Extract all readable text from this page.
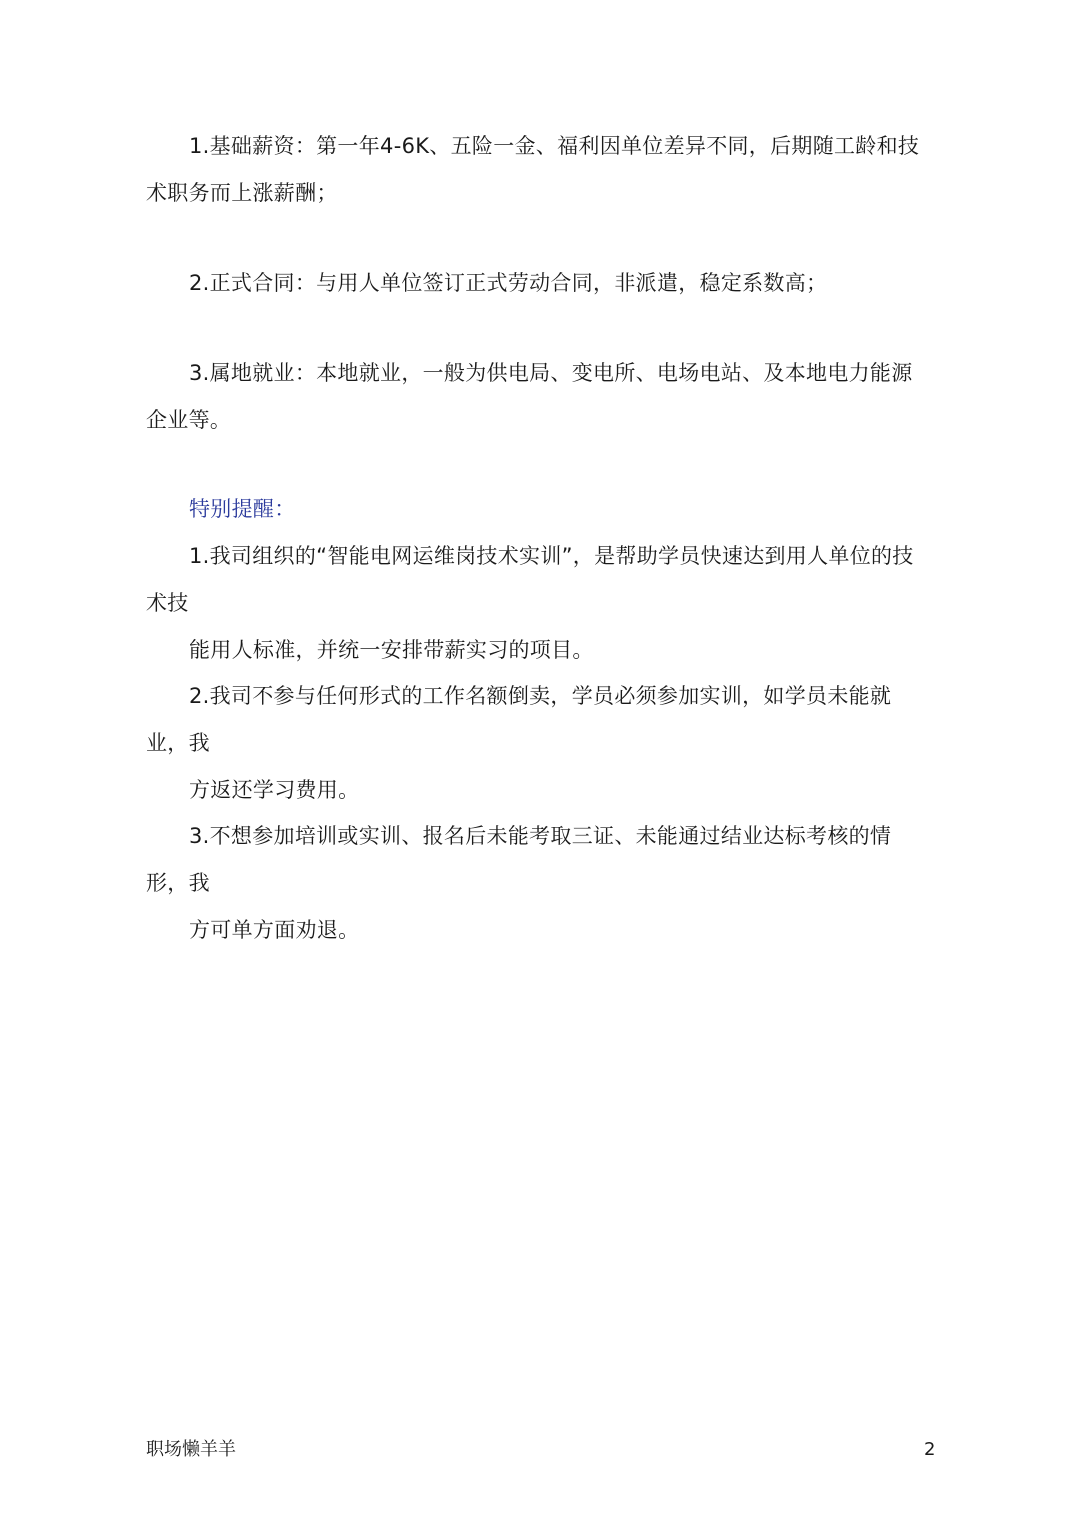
1.基础薪资：第一年4-6K、五险一金、福利因单位差异不同，后期随工龄和技
术职务而上涨薪酬；
2.正式合同：与用人单位签订正式劳动合同，非派遣，稳定系数高；
3.属地就业：本地就业，一般为供电局、变电所、电场电站、及本地电力能源
企业等。
特别提醒：
1.我司组织的“智能电网运维岗技术实训”，是帮助学员快速达到用人单位的技
术技
能用人标准，并统一安排带薪实习的项目。
2.我司不参与任何形式的工作名额倒卖，学员必须参加实训，如学员未能就
业，我
方返还学习费用。
3.不想参加培训或实训、报名后未能考取三证、未能通过结业达标考核的情
形，我
方可单方面劝退。
职场懒羊羊	2
